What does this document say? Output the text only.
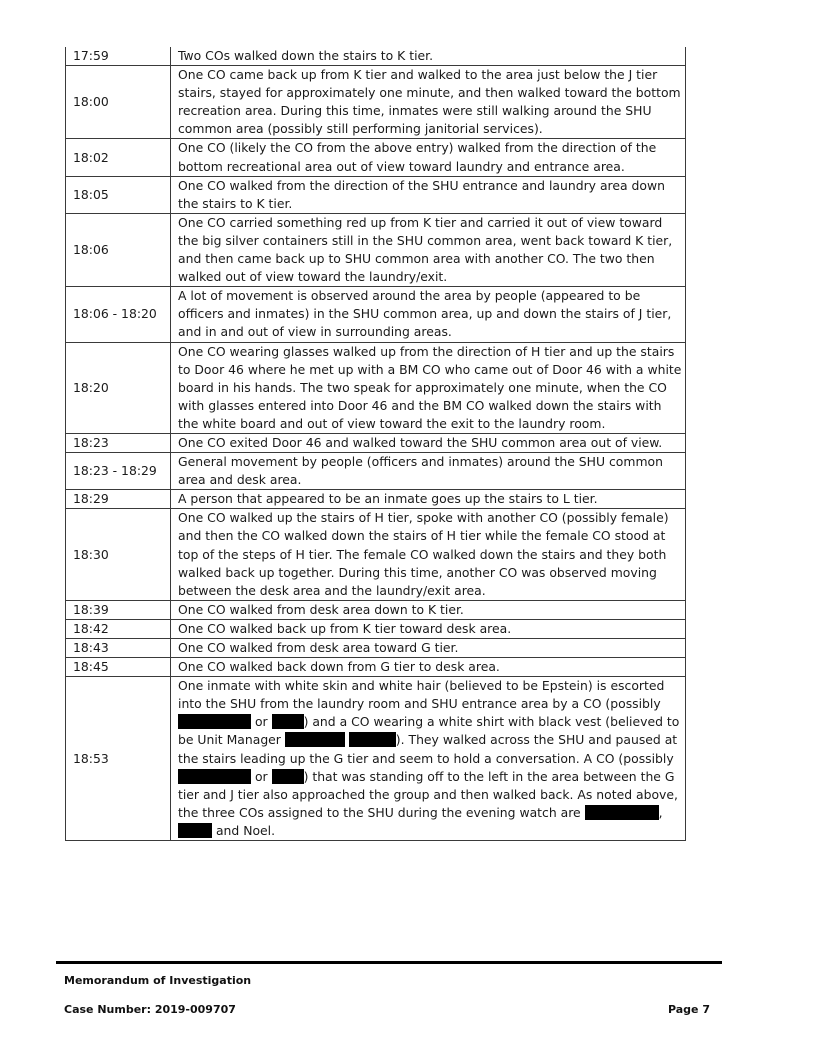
17:59	Two COs walked down the stairs to K tier.
18:00	One CO came back up from K tier and walked to the area just below the J tier stairs, stayed for approximately one minute, and then walked toward the bottom recreation area. During this time, inmates were still walking around the SHU common area (possibly still performing janitorial services).
18:02	One CO (likely the CO from the above entry) walked from the direction of the bottom recreational area out of view toward laundry and entrance area.
18:05	One CO walked from the direction of the SHU entrance and laundry area down the stairs to K tier.
18:06	One CO carried something red up from K tier and carried it out of view toward the big silver containers still in the SHU common area, went back toward K tier, and then came back up to SHU common area with another CO. The two then walked out of view toward the laundry/exit.
18:06 - 18:20	A lot of movement is observed around the area by people (appeared to be officers and inmates) in the SHU common area, up and down the stairs of J tier, and in and out of view in surrounding areas.
18:20	One CO wearing glasses walked up from the direction of H tier and up the stairs to Door 46 where he met up with a BM CO who came out of Door 46 with a white board in his hands. The two speak for approximately one minute, when the CO with glasses entered into Door 46 and the BM CO walked down the stairs with the white board and out of view toward the exit to the laundry room.
18:23	One CO exited Door 46 and walked toward the SHU common area out of view.
18:23 - 18:29	General movement by people (officers and inmates) around the SHU common area and desk area.
18:29	A person that appeared to be an inmate goes up the stairs to L tier.
18:30	One CO walked up the stairs of H tier, spoke with another CO (possibly female) and then the CO walked down the stairs of H tier while the female CO stood at top of the steps of H tier. The female CO walked down the stairs and they both walked back up together. During this time, another CO was observed moving between the desk area and the laundry/exit area.
18:39	One CO walked from desk area down to K tier.
18:42	One CO walked back up from K tier toward desk area.
18:43	One CO walked from desk area toward G tier.
18:45	One CO walked back down from G tier to desk area.
18:53	One inmate with white skin and white hair (believed to be Epstein) is escorted into the SHU from the laundry room and SHU entrance area by a CO (possibly  or ) and a CO wearing a white shirt with black vest (believed to be Unit Manager ). They walked across the SHU and paused at the stairs leading up the G tier and seem to hold a conversation. A CO (possibly  or ) that was standing off to the left in the area between the G tier and J tier also approached the group and then walked back. As noted above, the three COs assigned to the SHU during the evening watch are ,  and Noel.
Memorandum of Investigation
Case Number: 2019-009707	Page 7
